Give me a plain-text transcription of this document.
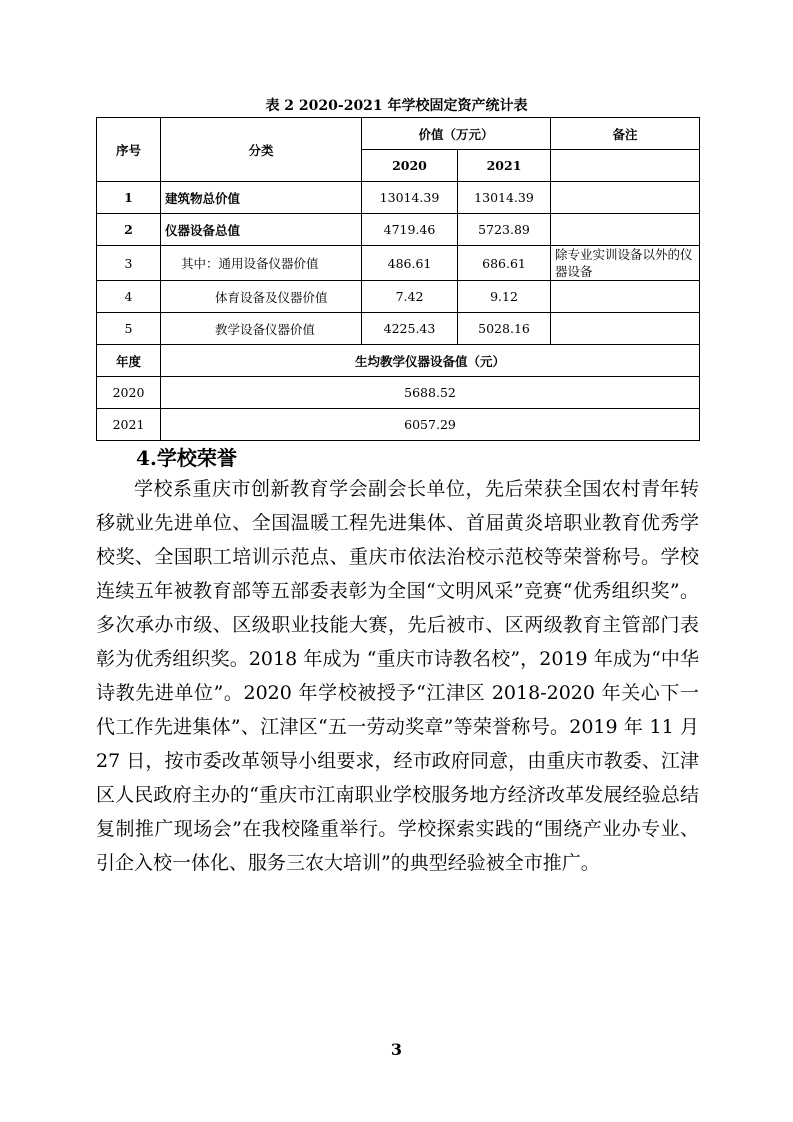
表 2 2020-2021 年学校固定资产统计表
序号	分类	价值（万元）		备注
		2020	2021	
1	建筑物总价值	13014.39	13014.39	
2	仪器设备总值	4719.46	5723.89	
3	其中：通用设备仪器价值	486.61	686.61	除专业实训设备以外的仪器设备
4	体育设备及仪器价值	7.42	9.12	
5	教学设备仪器价值	4225.43	5028.16	
年度	生均教学仪器设备值（元）			
2020	5688.52			
2021	6057.29			
4.学校荣誉

学校系重庆市创新教育学会副会长单位，先后荣获全国农村青年转移就业先进单位、全国温暖工程先进集体、首届黄炎培职业教育优秀学校奖、全国职工培训示范点、重庆市依法治校示范校等荣誉称号。学校连续五年被教育部等五部委表彰为全国“文明风采”竞赛“优秀组织奖”。多次承办市级、区级职业技能大赛，先后被市、区两级教育主管部门表彰为优秀组织奖。2018 年成为 “重庆市诗教名校”，2019 年成为“中华诗教先进单位”。2020 年学校被授予“江津区 2018-2020 年关心下一代工作先进集体”、江津区“五一劳动奖章”等荣誉称号。2019 年 11 月 27 日，按市委改革领导小组要求，经市政府同意，由重庆市教委、江津区人民政府主办的“重庆市江南职业学校服务地方经济改革发展经验总结复制推广现场会”在我校隆重举行。学校探索实践的“围绕产业办专业、引企入校一体化、服务三农大培训”的典型经验被全市推广。

3
